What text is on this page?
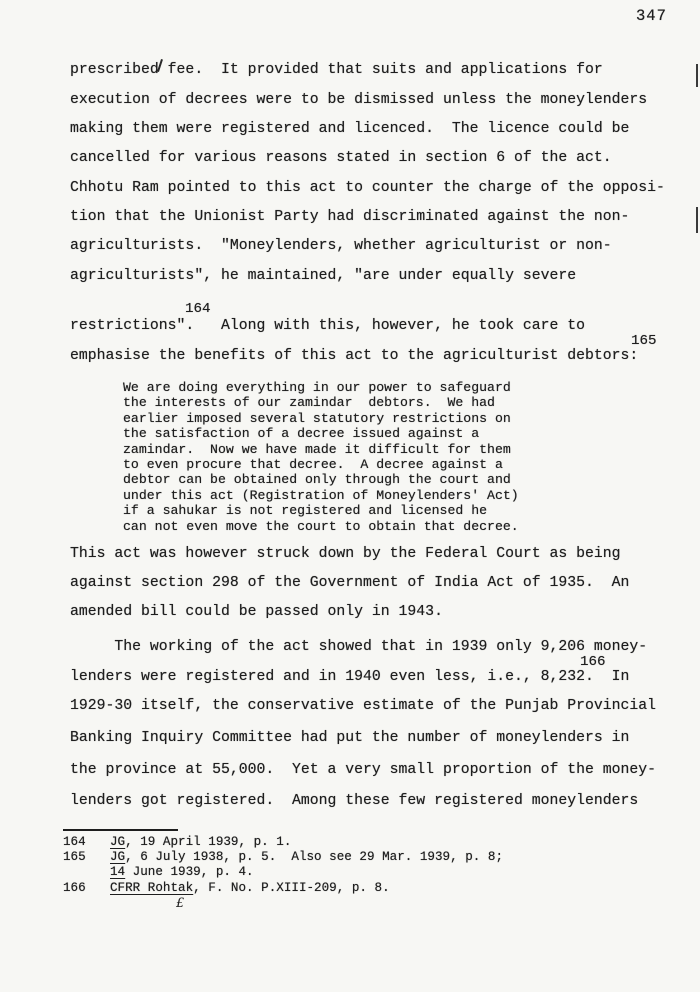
347
prescribed fee.  It provided that suits and applications for
execution of decrees were to be dismissed unless the moneylenders
making them were registered and licenced.  The licence could be
cancelled for various reasons stated in section 6 of the act.
Chhotu Ram pointed to this act to counter the charge of the opposi-
tion that the Unionist Party had discriminated against the non-
agriculturists.  "Moneylenders, whether agriculturist or non-
agriculturists", he maintained, "are under equally severe
restrictions".   Along with this, however, he took care to
emphasise the benefits of this act to the agriculturist debtors:
164
165
166
We are doing everything in our power to safeguard
the interests of our zamindar  debtors.  We had
earlier imposed several statutory restrictions on
the satisfaction of a decree issued against a
zamindar.  Now we have made it difficult for them
to even procure that decree.  A decree against a
debtor can be obtained only through the court and
under this act (Registration of Moneylenders' Act)
if a sahukar is not registered and licensed he
can not even move the court to obtain that decree.
This act was however struck down by the Federal Court as being
against section 298 of the Government of India Act of 1935.  An
amended bill could be passed only in 1943.
The working of the act showed that in 1939 only 9,206 money-
lenders were registered and in 1940 even less, i.e., 8,232.  In
1929-30 itself, the conservative estimate of the Punjab Provincial
Banking Inquiry Committee had put the number of moneylenders in
the province at 55,000.  Yet a very small proportion of the money-
lenders got registered.  Among these few registered moneylenders
164 JG, 19 April 1939, p. 1.
165 JG, 6 July 1938, p. 5.  Also see 29 Mar. 1939, p. 8;
14 June 1939, p. 4.
166 CFRR Rohtak, F. No. P.XIII-209, p. 8.
£
